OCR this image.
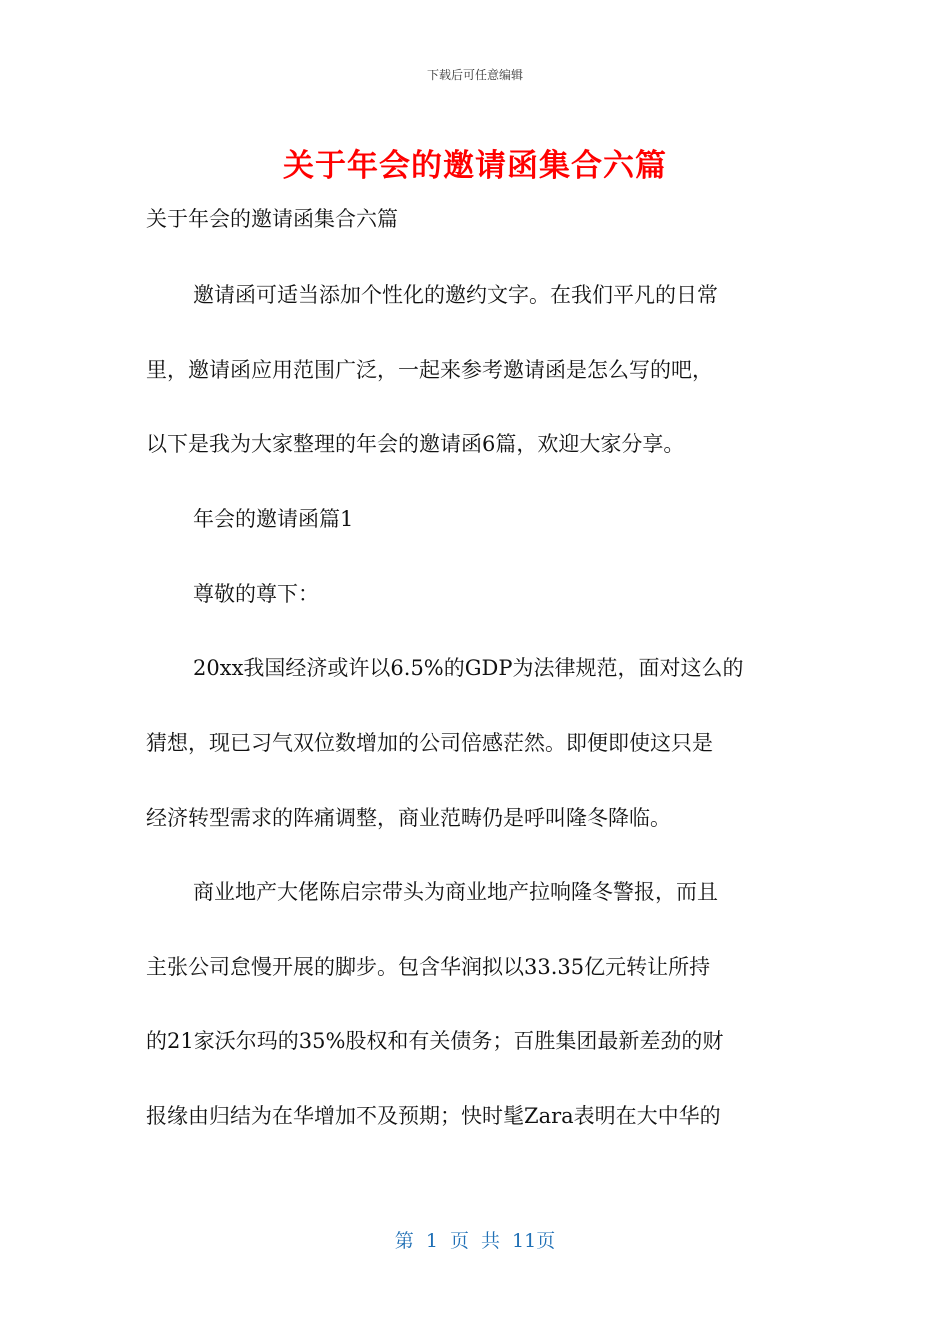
下载后可任意编辑
关于年会的邀请函集合六篇
关于年会的邀请函集合六篇
邀请函可适当添加个性化的邀约文字。在我们平凡的日常
里，邀请函应用范围广泛，一起来参考邀请函是怎么写的吧，
以下是我为大家整理的年会的邀请函6篇，欢迎大家分享。
年会的邀请函篇1
尊敬的尊下：
20xx我国经济或许以6.5%的GDP为法律规范，面对这么的
猜想，现已习气双位数增加的公司倍感茫然。即便即使这只是
经济转型需求的阵痛调整，商业范畴仍是呼叫隆冬降临。
商业地产大佬陈启宗带头为商业地产拉响隆冬警报，而且
主张公司怠慢开展的脚步。包含华润拟以33.35亿元转让所持
的21家沃尔玛的35%股权和有关债务；百胜集团最新差劲的财
报缘由归结为在华增加不及预期；快时髦Zara表明在大中华的
第 1 页 共 11页
